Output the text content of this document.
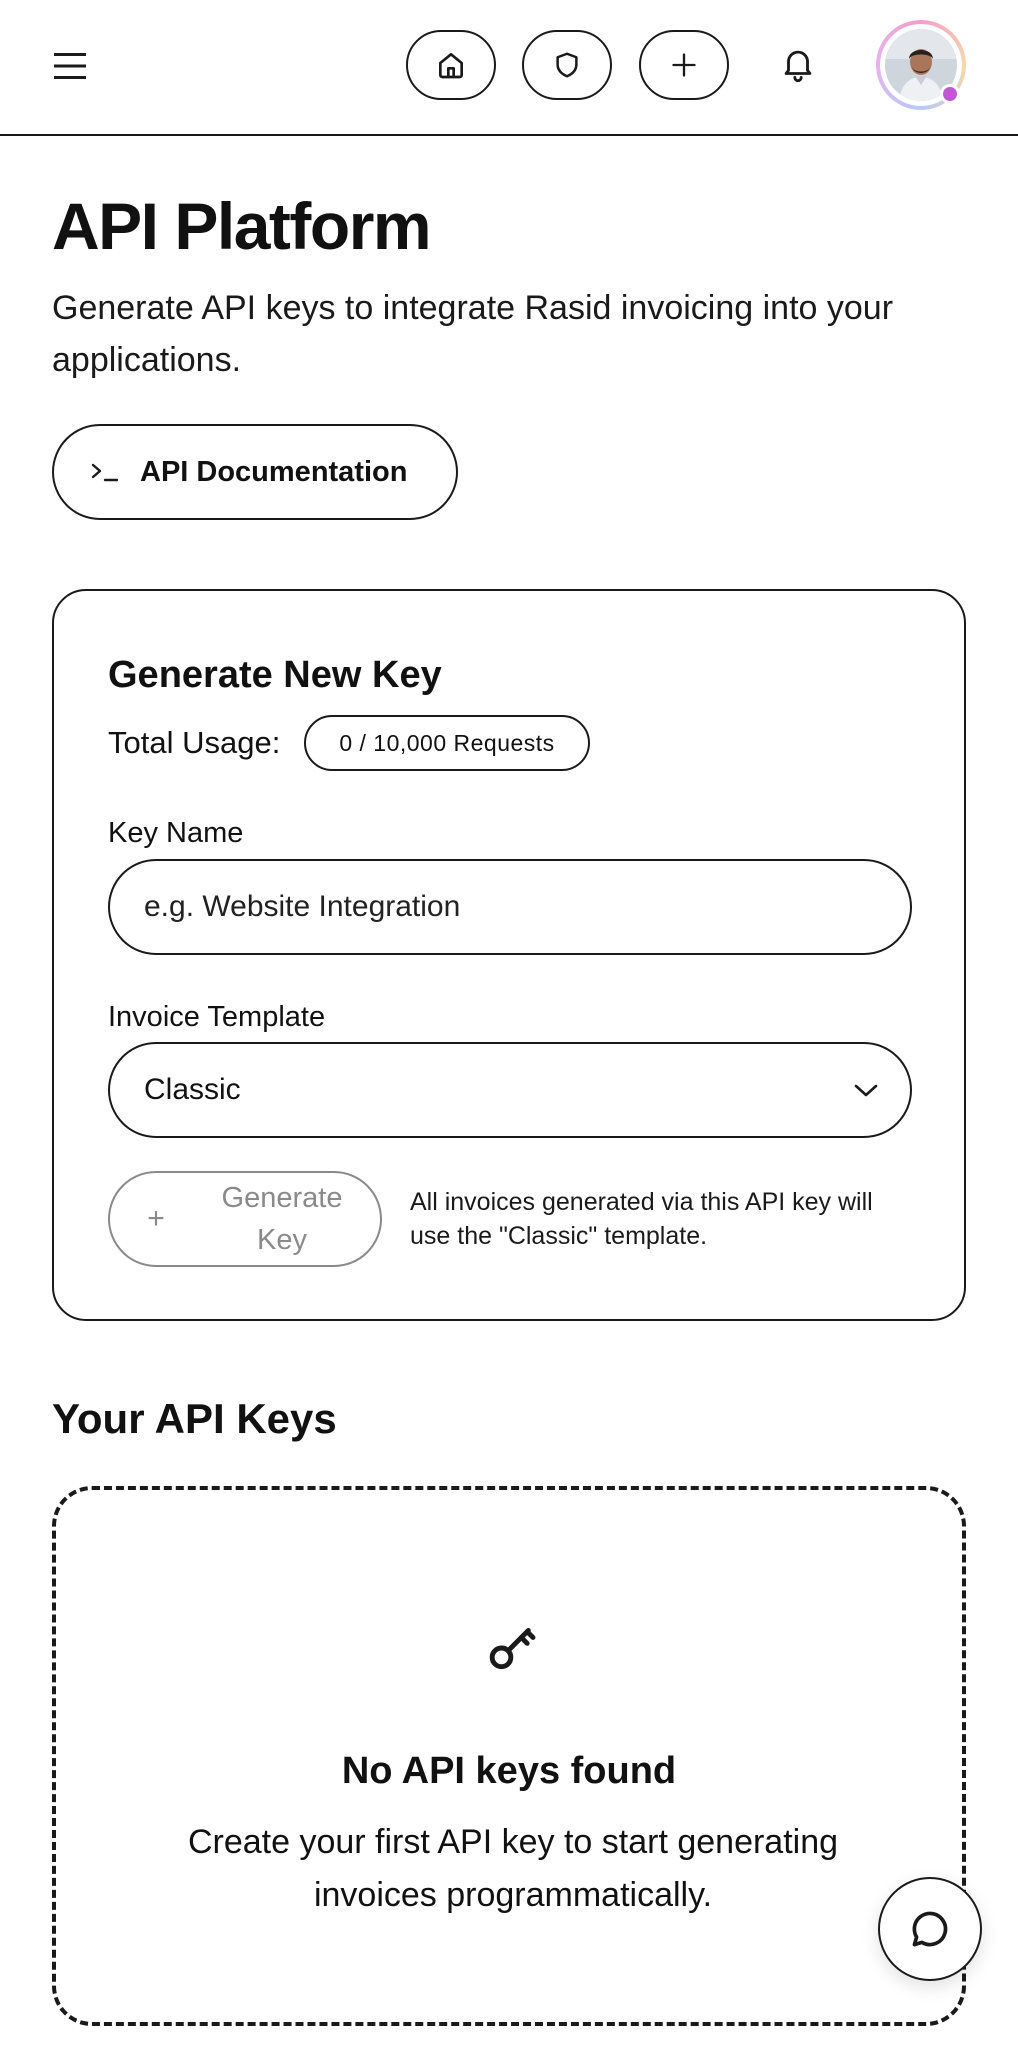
API Platform

Generate API keys to integrate Rasid invoicing into your applications.

API Documentation
Generate New Key
Total Usage:	0 / 10,000 Requests
Key Name
e.g. Website Integration
Invoice Template
Classic
+
Generate Key

All invoices generated via this API key will use the "Classic" template.

Your API Keys
No API keys found

Create your first API key to start generating invoices programmatically.
